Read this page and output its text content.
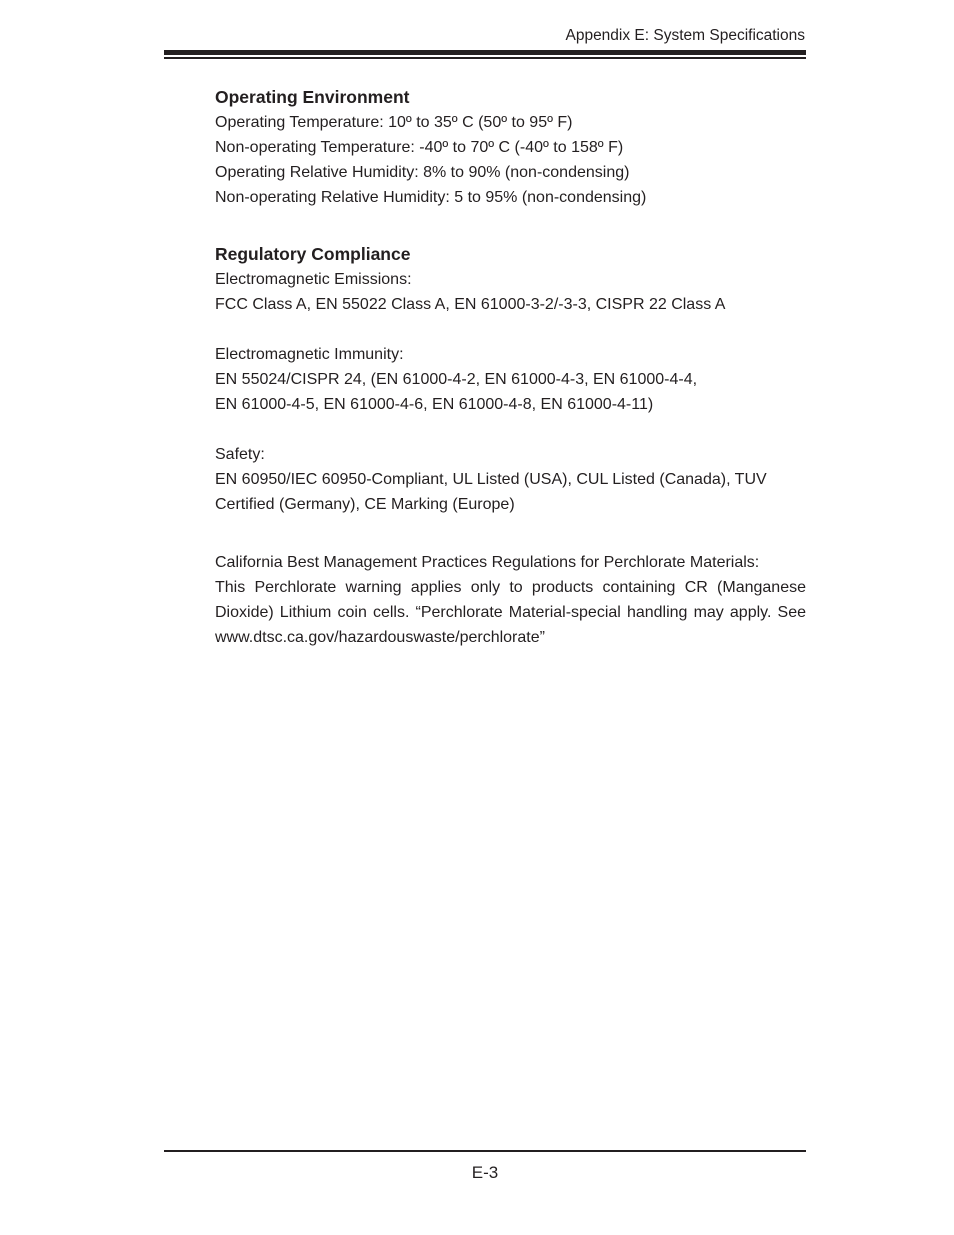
Appendix E: System Specifications
Operating Environment
Operating Temperature: 10º to 35º C (50º to 95º F)
Non-operating Temperature: -40º to 70º C (-40º to 158º F)
Operating Relative Humidity: 8% to 90% (non-condensing)
Non-operating Relative Humidity: 5 to 95% (non-condensing)
Regulatory Compliance
Electromagnetic Emissions:
FCC Class A, EN 55022 Class A, EN 61000-3-2/-3-3, CISPR 22 Class A
Electromagnetic Immunity:
EN 55024/CISPR 24, (EN 61000-4-2, EN 61000-4-3, EN 61000-4-4,
EN 61000-4-5, EN 61000-4-6, EN 61000-4-8, EN 61000-4-11)
Safety:
EN 60950/IEC 60950-Compliant, UL Listed (USA), CUL Listed (Canada), TUV Certified (Germany), CE Marking (Europe)
California Best Management Practices Regulations for Perchlorate Materials:
This Perchlorate warning applies only to products containing CR (Manganese Dioxide) Lithium coin cells. “Perchlorate Material-special handling may apply. See www.dtsc.ca.gov/hazardouswaste/perchlorate”
E-3
